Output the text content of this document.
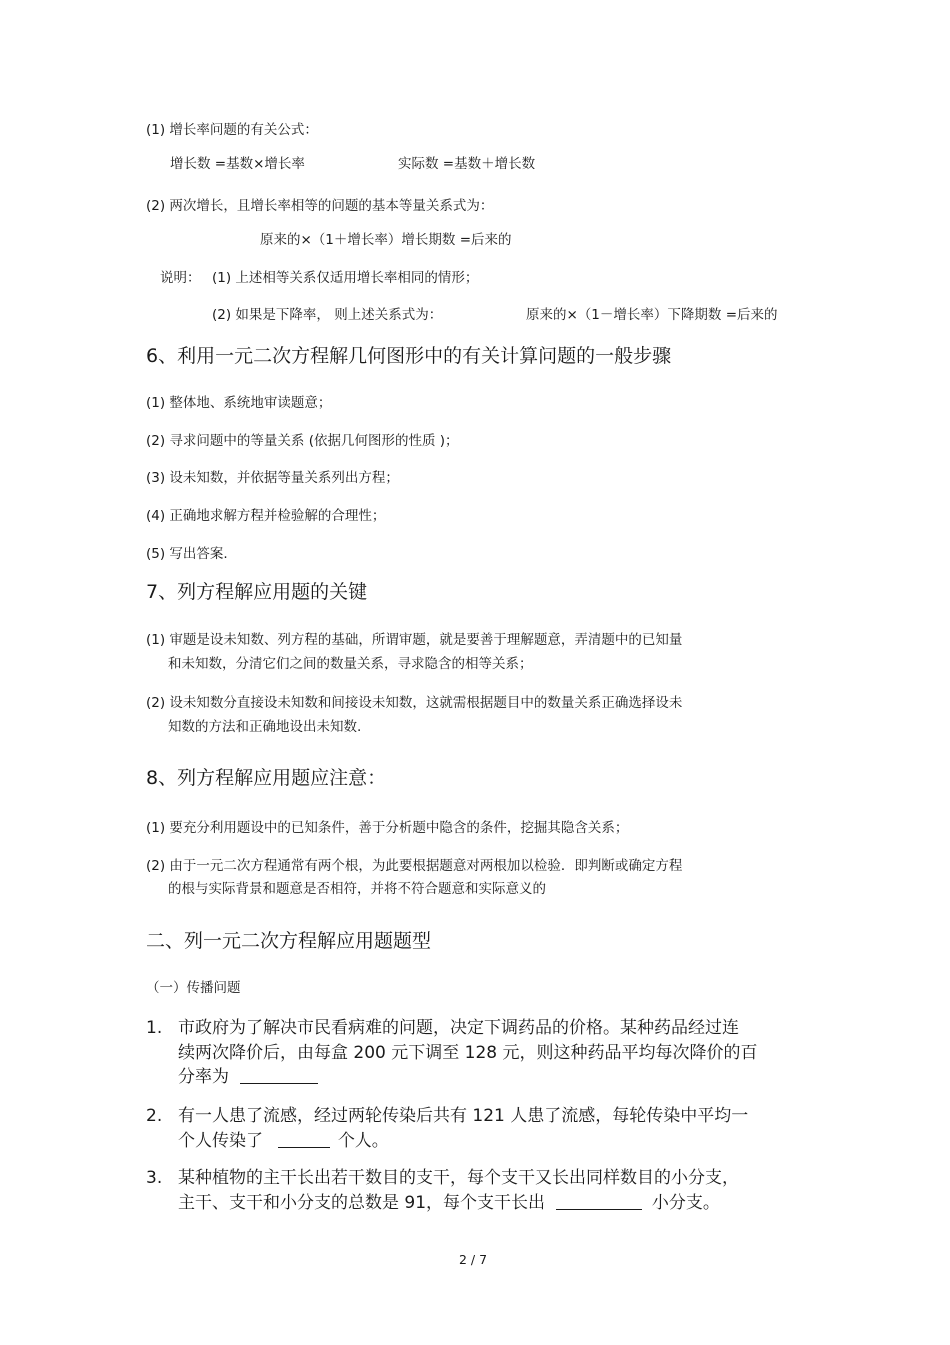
(1) 增长率问题的有关公式：
增长数 =基数×增长率	实际数 =基数＋增长数
(2) 两次增长，且增长率相等的问题的基本等量关系式为：
原来的×（1＋增长率）增长期数 =后来的
说明： (1) 上述相等关系仅适用增长率相同的情形；
(2) 如果是下降率， 则上述关系式为：	原来的×（1－增长率）下降期数 =后来的
6、利用一元二次方程解几何图形中的有关计算问题的一般步骤
(1) 整体地、系统地审读题意；
(2) 寻求问题中的等量关系 (依据几何图形的性质 )；
(3) 设未知数，并依据等量关系列出方程；
(4) 正确地求解方程并检验解的合理性；
(5) 写出答案.
7、列方程解应用题的关键
(1) 审题是设未知数、列方程的基础，所谓审题，就是要善于理解题意，弄清题中的已知量
和未知数，分清它们之间的数量关系，寻求隐含的相等关系；
(2) 设未知数分直接设未知数和间接设未知数，这就需根据题目中的数量关系正确选择设未
知数的方法和正确地设出未知数.
8、列方程解应用题应注意：
(1) 要充分利用题设中的已知条件，善于分析题中隐含的条件，挖掘其隐含关系；
(2) 由于一元二次方程通常有两个根，为此要根据题意对两根加以检验．即判断或确定方程
的根与实际背景和题意是否相符，并将不符合题意和实际意义的
二、列一元二次方程解应用题题型
（一）传播问题
1. 市政府为了解决市民看病难的问题，决定下调药品的价格。某种药品经过连
续两次降价后，由每盒 200 元下调至 128 元，则这种药品平均每次降价的百
分率为
2. 有一人患了流感，经过两轮传染后共有 121 人患了流感，每轮传染中平均一
个人传染了	个人。
3. 某种植物的主干长出若干数目的支干，每个支干又长出同样数目的小分支，
主干、支干和小分支的总数是 91，每个支干长出	小分支。
2 / 7
